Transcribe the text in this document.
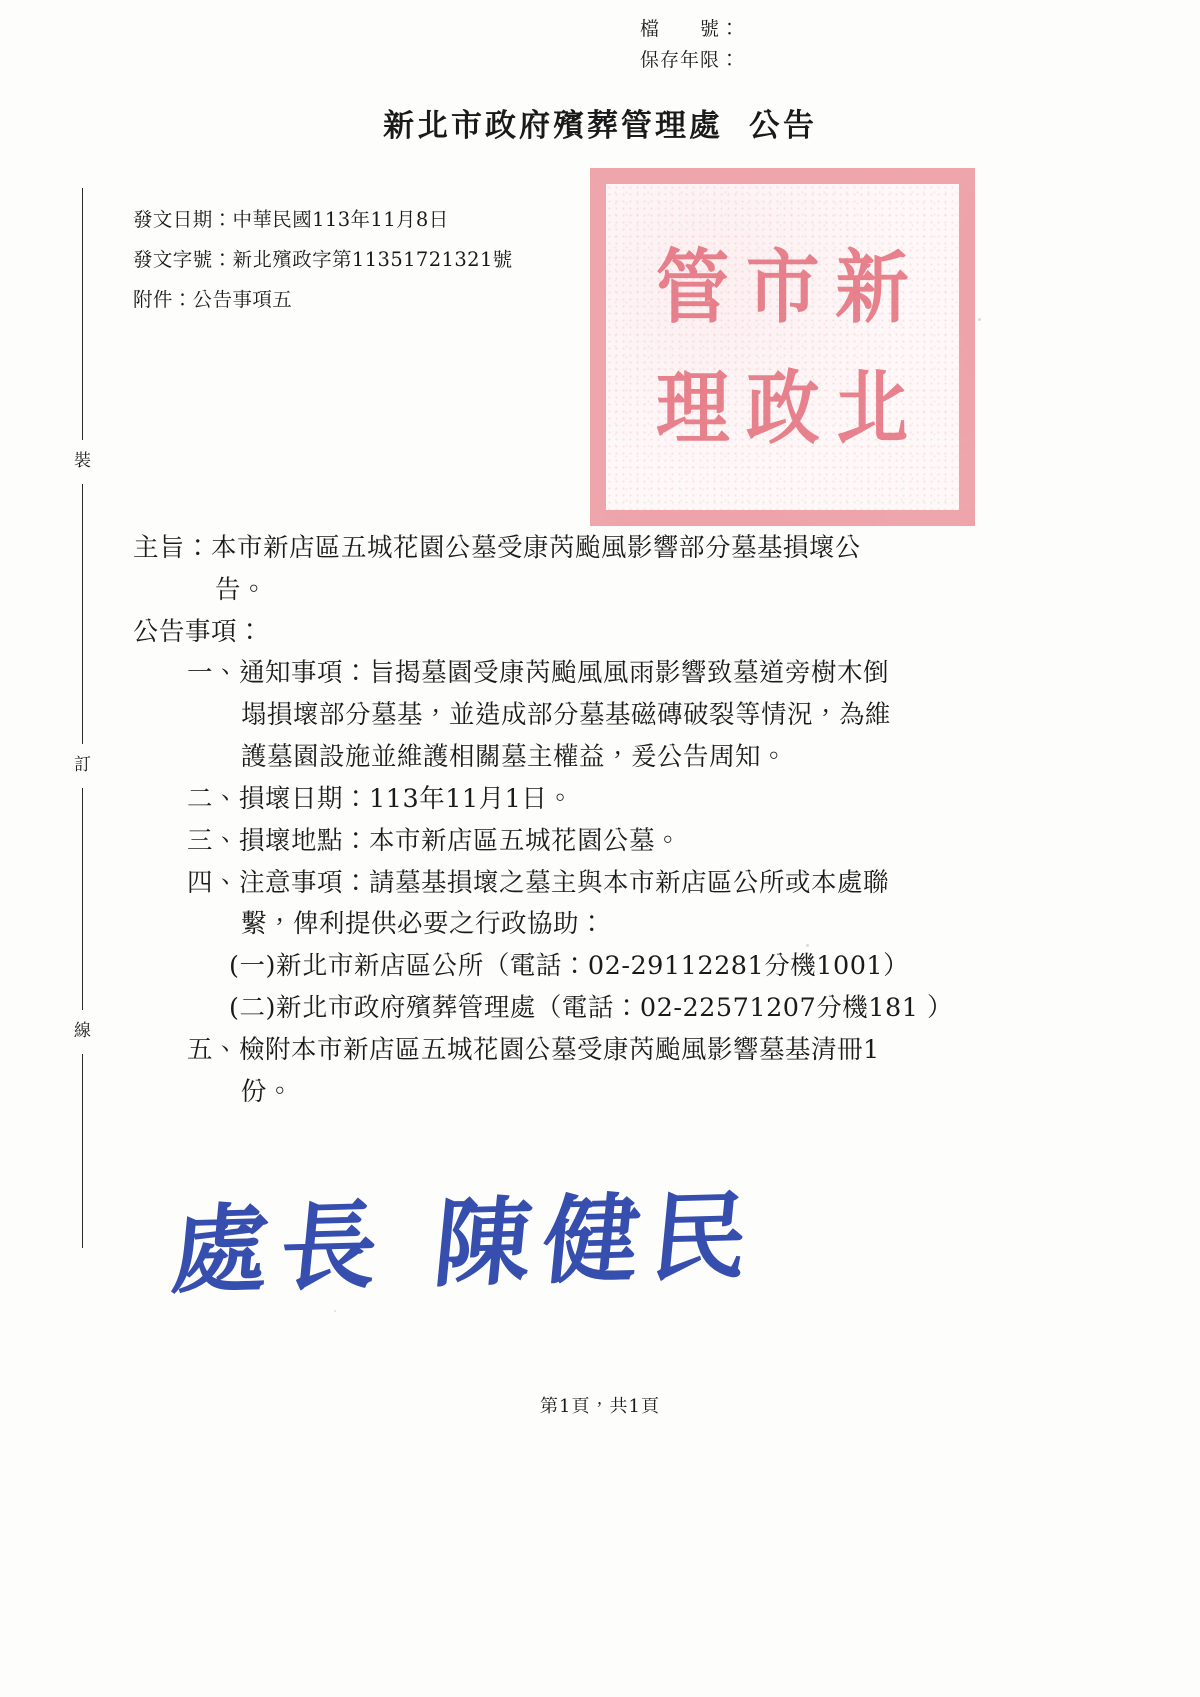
檔　　號：
保存年限：
新北市政府殯葬管理處 公告
裝
訂
線
發文日期：中華民國113年11月8日
發文字號：新北殯政字第11351721321號
附件：公告事項五	新
市
管
北
政
理
主旨：本市新店區五城花園公墓受康芮颱風影響部分墓基損壞公
告。
公告事項：
一、通知事項：旨揭墓園受康芮颱風風雨影響致墓道旁樹木倒
塌損壞部分墓基，並造成部分墓基磁磚破裂等情況，為維
護墓園設施並維護相關墓主權益，爰公告周知。
二、損壞日期：113年11月1日。
三、損壞地點：本市新店區五城花園公墓。
四、注意事項：請墓基損壞之墓主與本市新店區公所或本處聯
繫，俾利提供必要之行政協助：
(一)新北市新店區公所（電話：02-29112281分機1001）
(二)新北市政府殯葬管理處（電話：02-22571207分機181 ）
五、檢附本市新店區五城花園公墓受康芮颱風影響墓基清冊1
份。
處長 陳健民
第1頁，共1頁
